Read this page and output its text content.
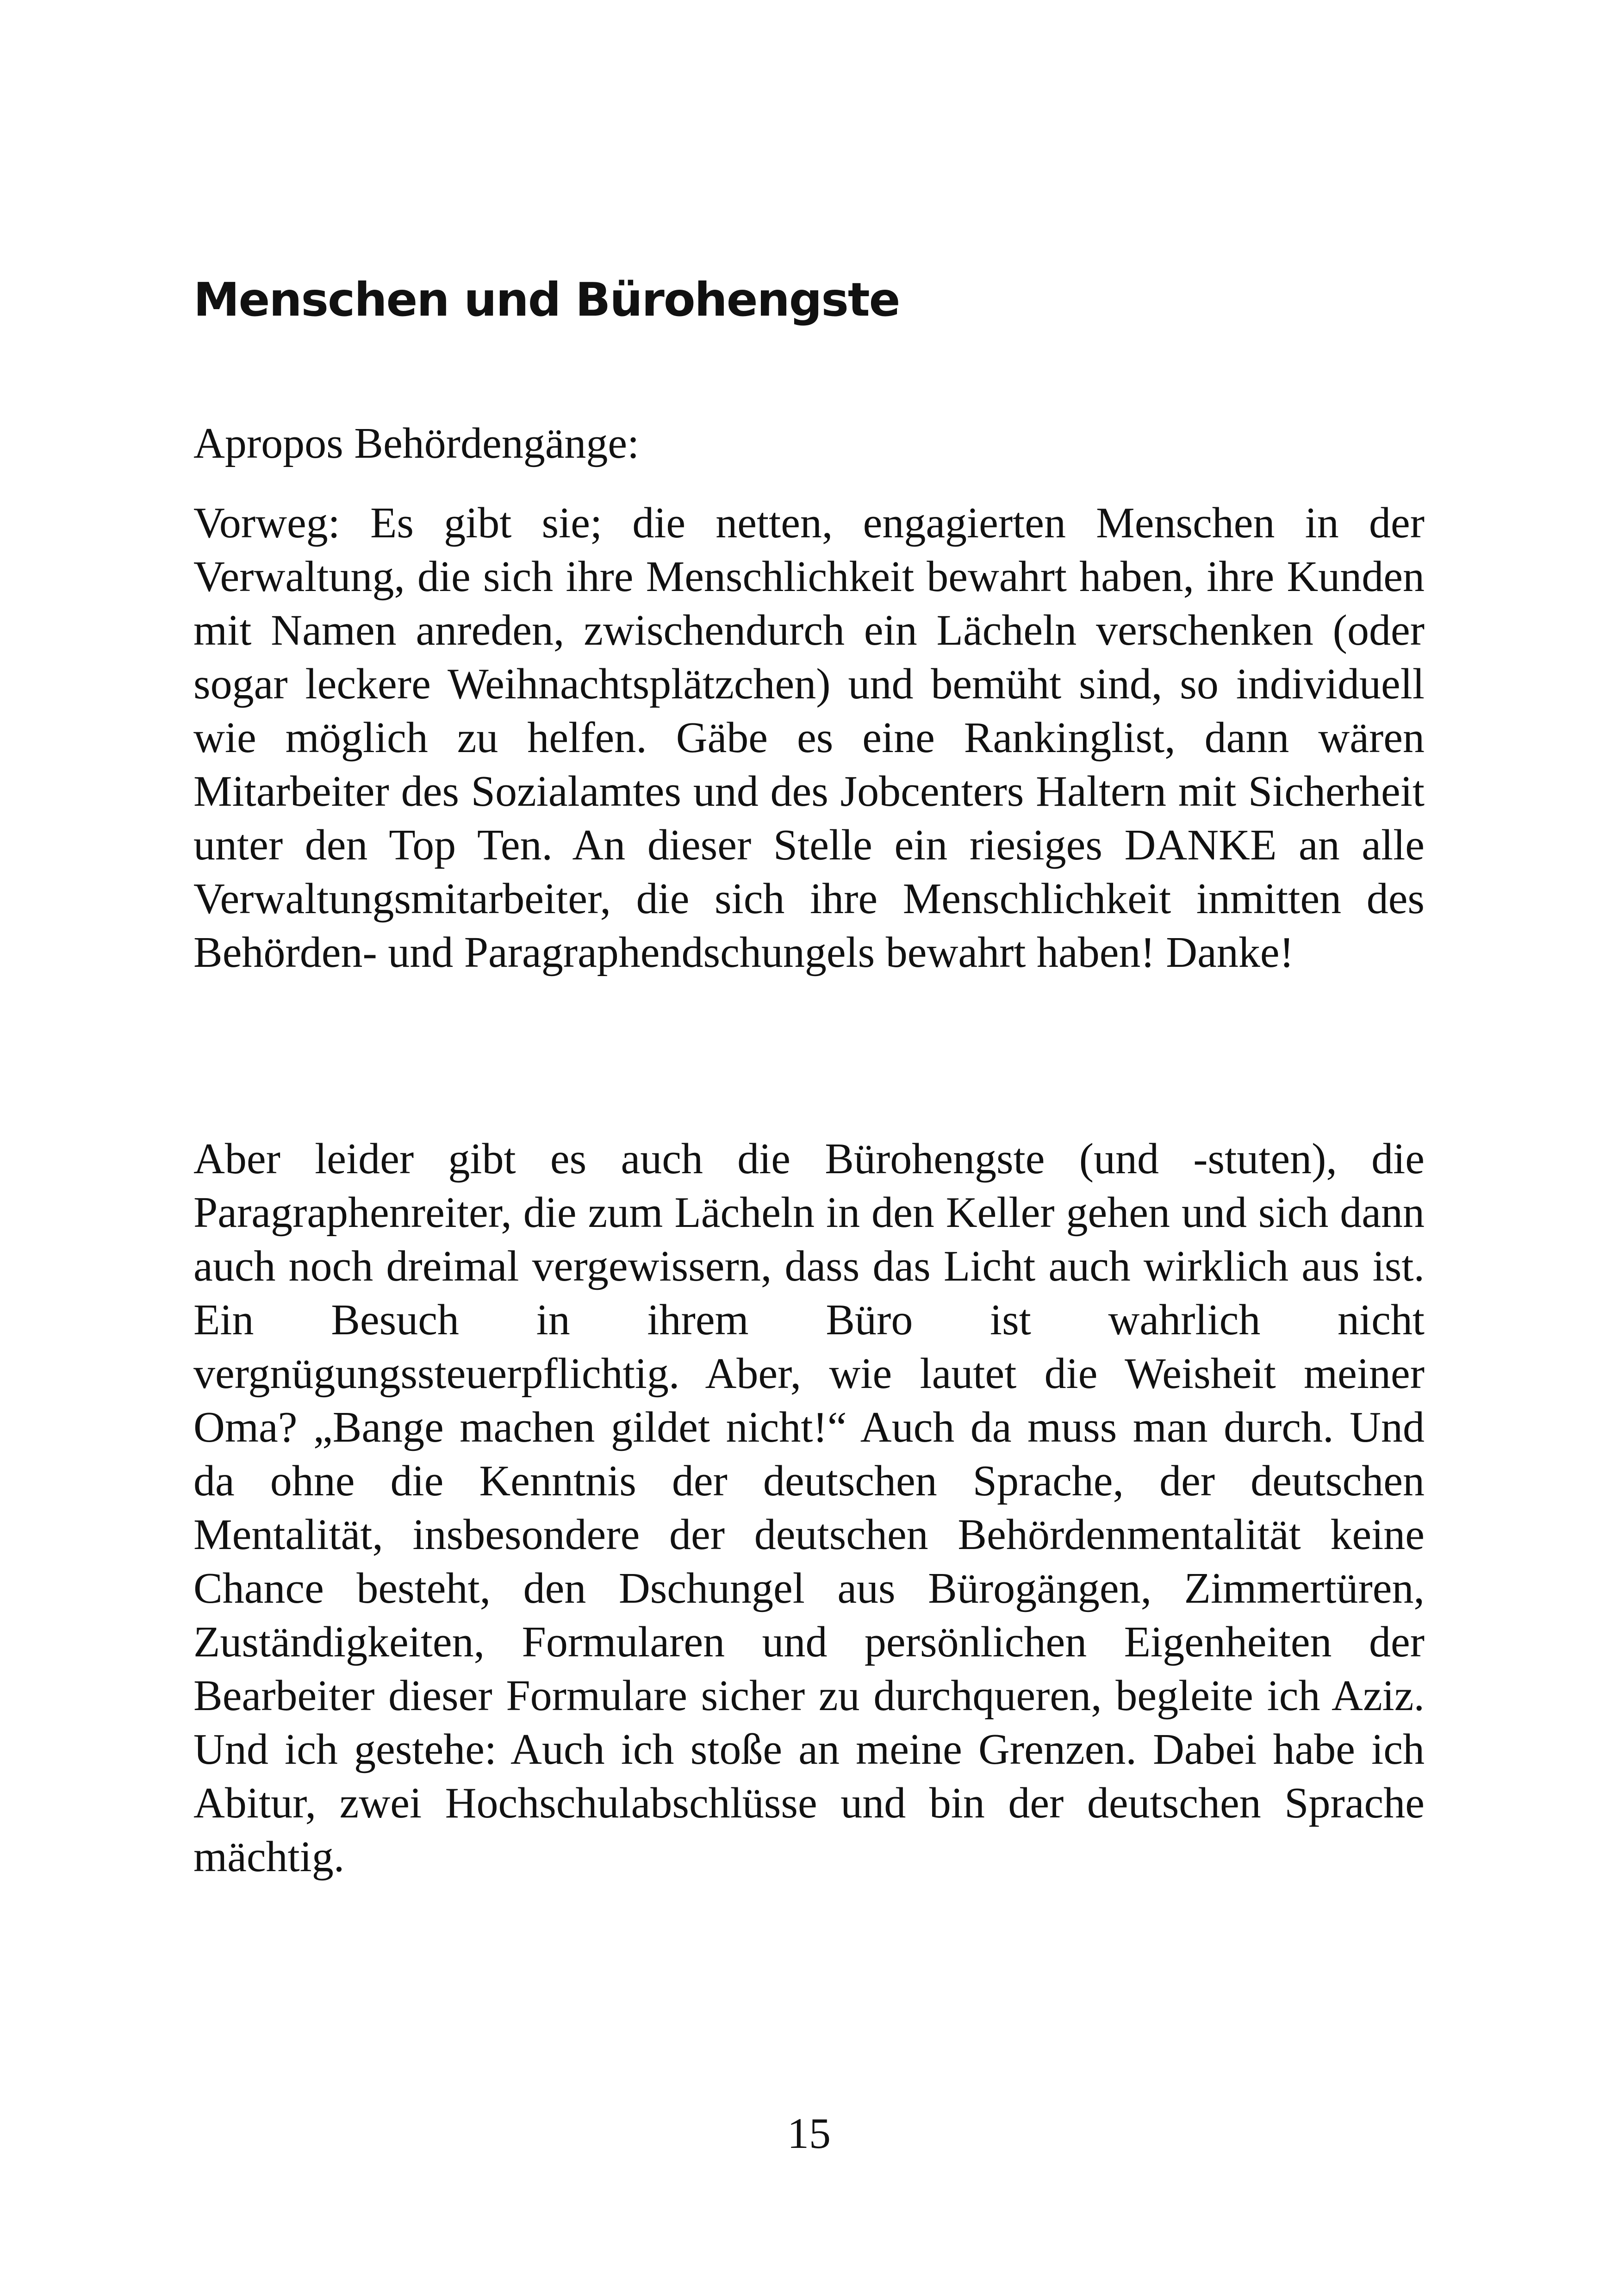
Menschen und Bürohengste

Apropos Behördengänge:

Vorweg: Es gibt sie; die netten, engagierten Menschen in der Verwaltung, die sich ihre Menschlichkeit bewahrt haben, ihre Kunden mit Namen anreden, zwischendurch ein Lächeln verschenken (oder sogar leckere Weihnachtsplätzchen) und bemüht sind, so individuell wie möglich zu helfen. Gäbe es eine Rankinglist, dann wären Mitarbeiter des Sozialamtes und des Jobcenters Haltern mit Sicherheit unter den Top Ten. An dieser Stelle ein riesiges DANKE an alle Verwaltungsmitarbeiter, die sich ihre Menschlichkeit inmitten des Behörden- und Paragraphendschungels bewahrt haben! Danke!

Aber leider gibt es auch die Bürohengste (und -stuten), die Paragraphenreiter, die zum Lächeln in den Keller gehen und sich dann auch noch dreimal vergewissern, dass das Licht auch wirklich aus ist. Ein Besuch in ihrem Büro ist wahrlich nicht vergnügungssteuerpflichtig. Aber, wie lautet die Weisheit meiner Oma? „Bange machen gildet nicht!“ Auch da muss man durch. Und da ohne die Kenntnis der deutschen Sprache, der deutschen Mentalität, insbesondere der deutschen Behördenmentalität keine Chance besteht, den Dschungel aus Bürogängen, Zimmertüren, Zuständigkeiten, Formularen und persönlichen Eigenheiten der Bearbeiter dieser Formulare sicher zu durchqueren, begleite ich Aziz. Und ich gestehe: Auch ich stoße an meine Grenzen. Dabei habe ich Abitur, zwei Hochschulabschlüsse und bin der deutschen Sprache mächtig.

15
